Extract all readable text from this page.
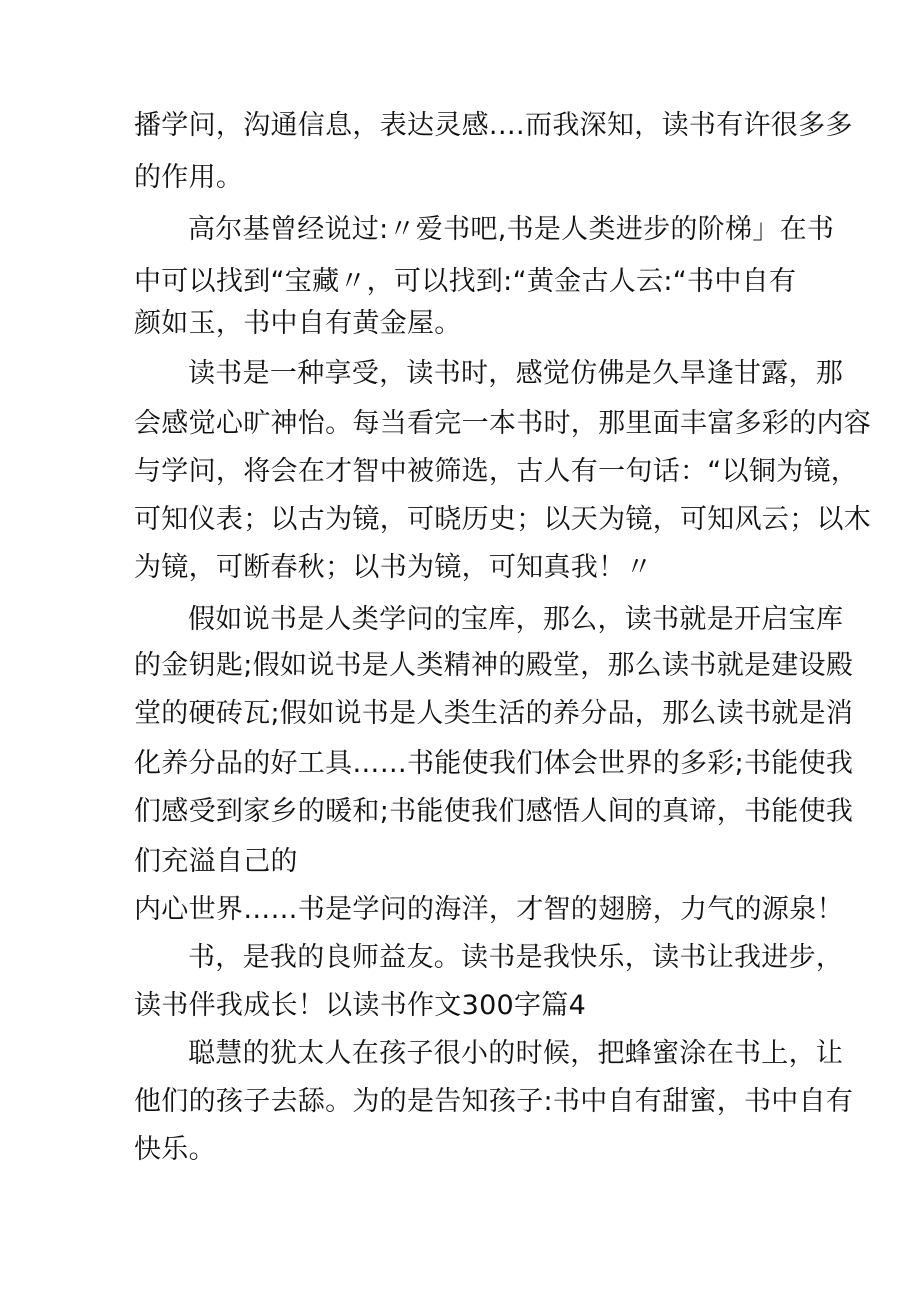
播学问，沟通信息，表达灵感.…而我深知，读书有许很多多
的作用。
高尔基曾经说过:〃爱书吧,书是人类进步的阶梯」在书
中可以找到“宝藏〃，可以找到:“黄金古人云:“书中自有
颜如玉，书中自有黄金屋。
读书是一种享受，读书时，感觉仿佛是久旱逢甘露，那
会感觉心旷神怡。每当看完一本书时，那里面丰富多彩的内容
与学问，将会在才智中被筛选，古人有一句话：“以铜为镜，
可知仪表；以古为镜，可晓历史；以天为镜，可知风云；以木
为镜，可断春秋；以书为镜，可知真我！〃
假如说书是人类学问的宝库，那么，读书就是开启宝库
的金钥匙;假如说书是人类精神的殿堂，那么读书就是建设殿
堂的硬砖瓦;假如说书是人类生活的养分品，那么读书就是消
化养分品的好工具……书能使我们体会世界的多彩;书能使我
们感受到家乡的暖和;书能使我们感悟人间的真谛，书能使我
们充溢自己的
内心世界……书是学问的海洋，才智的翅膀，力气的源泉！
书，是我的良师益友。读书是我快乐，读书让我进步，
读书伴我成长！以读书作文300字篇4
聪慧的犹太人在孩子很小的时候，把蜂蜜涂在书上，让
他们的孩子去舔。为的是告知孩子:书中自有甜蜜，书中自有
快乐。
